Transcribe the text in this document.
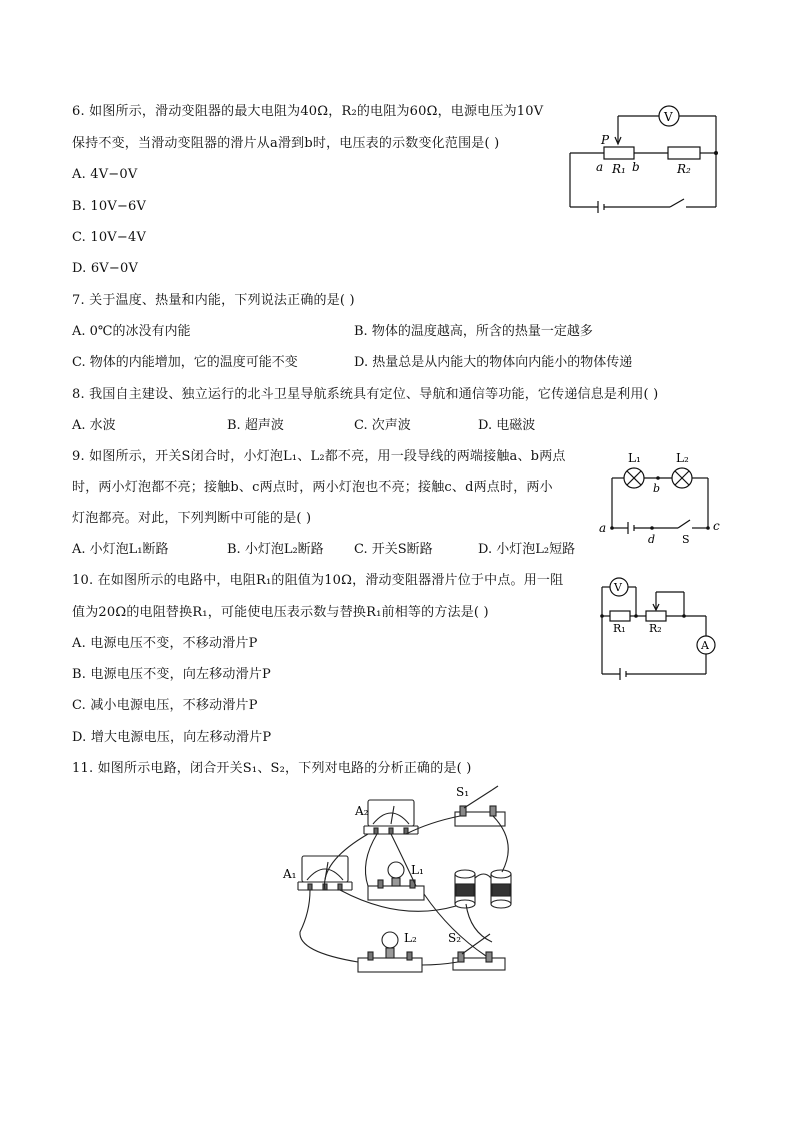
6. 如图所示，滑动变阻器的最大电阻为40Ω，R₂的电阻为60Ω，电源电压为10V
保持不变，当滑动变阻器的滑片从a滑到b时，电压表的示数变化范围是( )
A. 4V−0V
B. 10V−6V
C. 10V−4V
D. 6V−0V
V
P
a R₁ b	R₂
7. 关于温度、热量和内能，下列说法正确的是( )
A. 0℃的冰没有内能	B. 物体的温度越高，所含的热量一定越多
C. 物体的内能增加，它的温度可能不变	D. 热量总是从内能大的物体向内能小的物体传递
8. 我国自主建设、独立运行的北斗卫星导航系统具有定位、导航和通信等功能，它传递信息是利用( )
A. 水波	B. 超声波	C. 次声波	D. 电磁波
9. 如图所示，开关S闭合时，小灯泡L₁、L₂都不亮，用一段导线的两端接触a、b两点
时，两小灯泡都不亮；接触b、c两点时，两小灯泡也不亮；接触c、d两点时，两小
灯泡都亮。对此，下列判断中可能的是( )
A. 小灯泡L₁断路	B. 小灯泡L₂断路 C. 开关S断路	D. 小灯泡L₂短路
L₁	L₂
b
a	c
d S
10. 在如图所示的电路中，电阻R₁的阻值为10Ω，滑动变阻器滑片位于中点。用一阻
值为20Ω的电阻替换R₁，可能使电压表示数与替换R₁前相等的方法是( )
A. 电源电压不变，不移动滑片P
B. 电源电压不变，向左移动滑片P
C. 减小电源电压，不移动滑片P
D. 增大电源电压，向左移动滑片P
V
R₁ R₂
A
11. 如图所示电路，闭合开关S₁、S₂，下列对电路的分析正确的是( )
A₂
S₁
A₁	L₁
L₂	S₂
